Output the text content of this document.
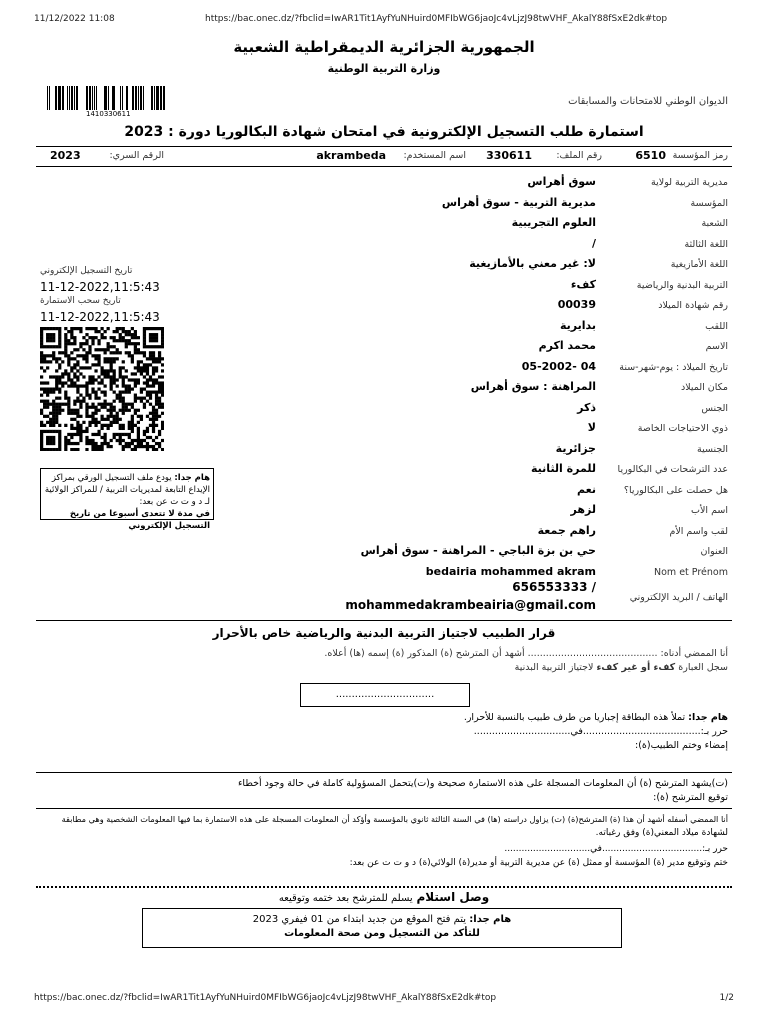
11/12/2022 11:08	https://bac.onec.dz/?fbclid=IwAR1Tit1AyfYuNHuird0MFIbWG6jaoJc4vLjzJ98twVHF_AkalY88fSxE2dk#top
الجمهورية الجزائرية الديمقراطية الشعبية
وزارة التربية الوطنية
1410330611
الديوان الوطني للامتحانات والمسابقات
استمارة طلب التسجيل الإلكترونية في امتحان شهادة البكالوريا دورة : 2023
رمز المؤسسة
6510
رقم الملف:
330611
اسم المستخدم:
akrambeda
الرقم السري:
2023
مديرية التربية لولاية
سوق أهراس
المؤسسة
مديرية التربية - سوق أهراس
الشعبة
العلوم التجريبية
اللغة الثالثة
/
اللغة الأمازيغية
لا: غير معني بالأمازيغية
التربية البدنية والرياضية
كفء
رقم شهادة الميلاد
00039
اللقب
بدايرية
الاسم
محمد اكرم
تاريخ الميلاد : يوم-شهر-سنة
04 -05-2002
مكان الميلاد
المراهنة : سوق أهراس
الجنس
ذكر
ذوي الاحتياجات الخاصة
لا
الجنسية
جزائرية
عدد الترشحات في البكالوريا
للمرة الثانية
هل حصلت على البكالوريا؟
نعم
اسم الأب
لزهر
لقب واسم الأم
راهم جمعة
العنوان
حي بن بزة الباجي - المراهنة - سوق أهراس
Nom et Prénom
bedairia mohammed akram
الهاتف / البريد الإلكتروني
656553333 /
mohammedakrambeairia@gmail.com
تاريخ التسجيل الإلكتروني
11-12-2022,11:5:43
تاريخ سحب الاستمارة
11-12-2022,11:5:43
هام جدا: يودع ملف التسجيل الورقي بمراكز الإيداع التابعة لمديريات التربية / للمراكز الولائية لـ د و ت ت عن بعد:
في مدة لا تتعدى أسبوعا من تاريخ التسجيل الإلكتروني
قرار الطبيب لاجتياز التربية البدنية والرياضية خاص بالأحرار
أنا الممضي أدناه: ........................................... أشهد أن المترشح (ة) المذكور (ة) إسمه (ها) أعلاه.
سجل العبارة كفء أو غير كفء لاجتياز التربية البدنية
...............................
هام جدا: تملأ هذه البطاقة إجباريا من طرف طبيب بالنسبة للأحرار.
حرر بـ:.......................................في................................
إمضاء وختم الطبيب(ة):
(ت)يشهد المترشح (ة) أن المعلومات المسجلة على هذه الاستمارة صحيحة و(ت)يتحمل المسؤولية كاملة في حالة وجود أخطاء
توقيع المترشح (ة):
أنا الممضي أسفله أشهد أن هذا (ة) المترشح(ة) (ت) يزاول دراسته (ها) في السنة الثالثة ثانوي بالمؤسسة وأؤكد أن المعلومات المسجلة على هذه الاستمارة بما فيها المعلومات الشخصية وهي مطابقة
لشهادة ميلاد المعني(ة) وفق رغباته.
حرر بـ:...................................في..............................
ختم وتوقيع مدير (ة) المؤسسة أو ممثل (ة) عن مديرية التربية أو مدير(ة) الولائي(ة) د و ت ت عن بعد:
وصل استلام يسلم للمترشح بعد ختمه وتوقيعه
هام جدا: يتم فتح الموقع من جديد ابتداء من 01 فيفري 2023
للتأكد من التسجيل ومن صحة المعلومات
https://bac.onec.dz/?fbclid=IwAR1Tit1AyfYuNHuird0MFIbWG6jaoJc4vLjzJ98twVHF_AkalY88fSxE2dk#top	1/2
